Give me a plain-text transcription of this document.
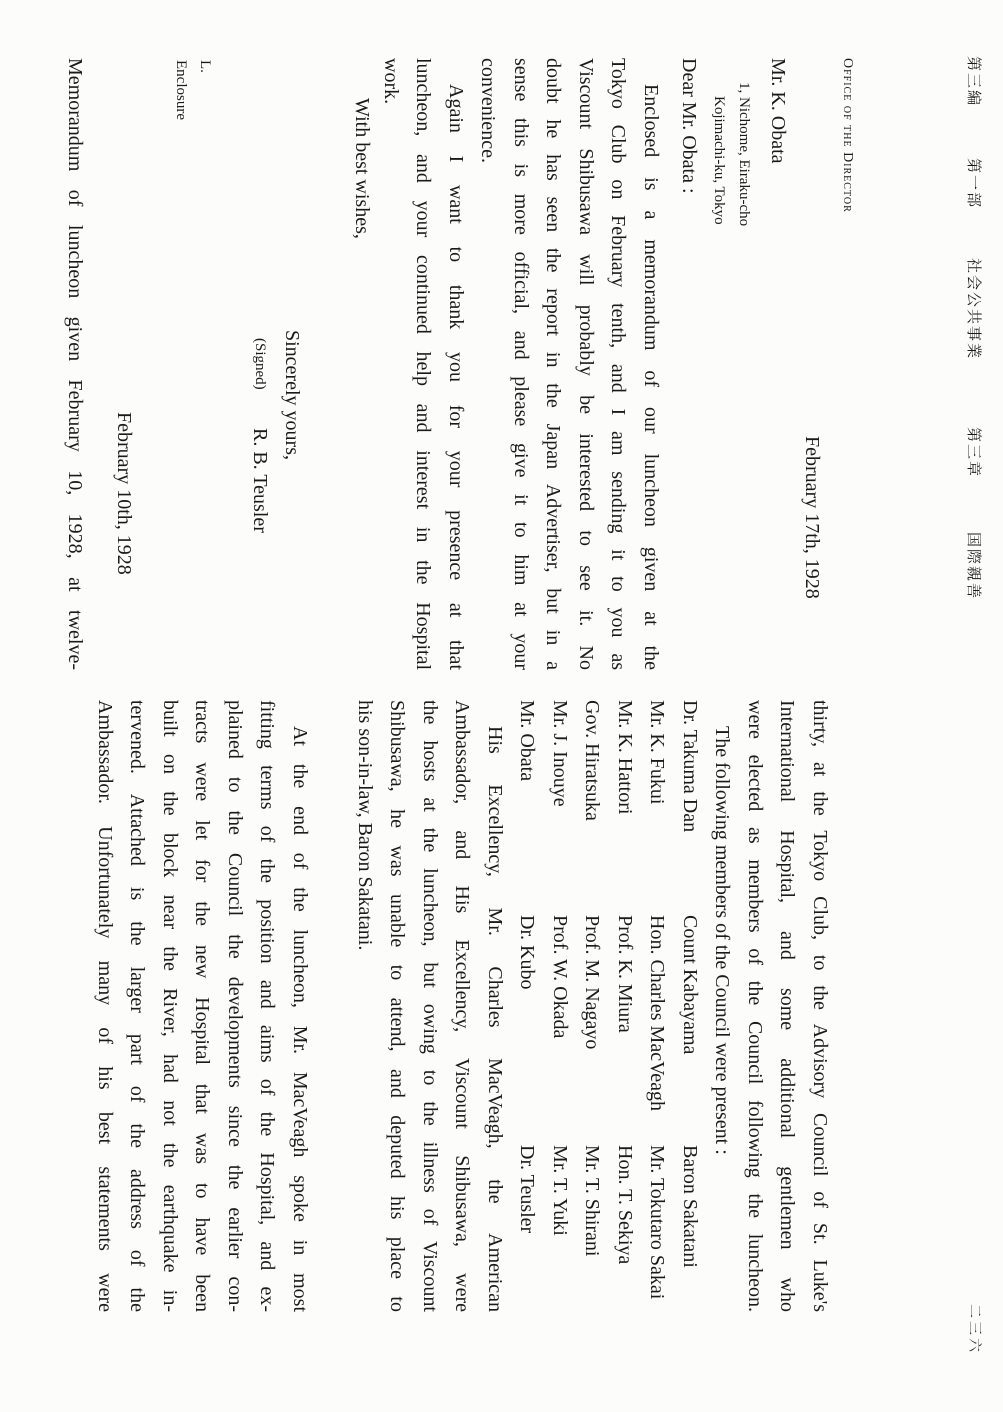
第三編
第一部
社会公共事業
第三章
国際親善
二三六
Office of the Director
February 17th, 1928
Mr. K. Obata
1, Nichome, Eiraku-cho
Kojimachi-ku, Tokyo
Dear Mr. Obata :
Enclosed is a memorandum of our luncheon given at the
Tokyo Club on February tenth, and I am sending it to you as
Viscount Shibusawa will probably be interested to see it. No
doubt he has seen the report in the Japan Advertiser, but in a
sense this is more official, and please give it to him at your
convenience.
Again I want to thank you for your presence at that
luncheon, and your continued help and interest in the Hospital
work.
With best wishes,
Sincerely yours,
(Signed)
R. B. Teusler
L.
Enclosure
February 10th, 1928
Memorandum of luncheon given February 10, 1928, at twelve-
thirty, at the Tokyo Club, to the Advisory Council of St. Luke's
International Hospital, and some additional gentlemen who
were elected as members of the Council following the luncheon.
The following members of the Council were present :
Dr. Takuma Dan
Count Kabayama
Baron Sakatani
Mr. K. Fukui
Hon. Charles MacVeagh
Mr. Tokutaro Sakai
Mr. K. Hattori
Prof. K. Miura
Hon. T. Sekiya
Gov. Hiratsuka
Prof. M. Nagayo
Mr. T. Shirani
Mr. J. Inouye
Prof. W. Okada
Mr. T. Yuki
Mr. Obata
Dr. Kubo
Dr. Teusler
His Excellency, Mr. Charles MacVeagh, the American
Ambassador, and His Excellency, Viscount Shibusawa, were
the hosts at the luncheon, but owing to the illness of Viscount
Shibusawa, he was unable to attend, and deputed his place to
his son-in-law, Baron Sakatani.
At the end of the luncheon, Mr. MacVeagh spoke in most
fitting terms of the position and aims of the Hospital, and ex-
plained to the Council the developments since the earlier con-
tracts were let for the new Hospital that was to have been
built on the block near the River, had not the earthquake in-
tervened. Attached is the larger part of the address of the
Ambassador. Unfortunately many of his best statements were
